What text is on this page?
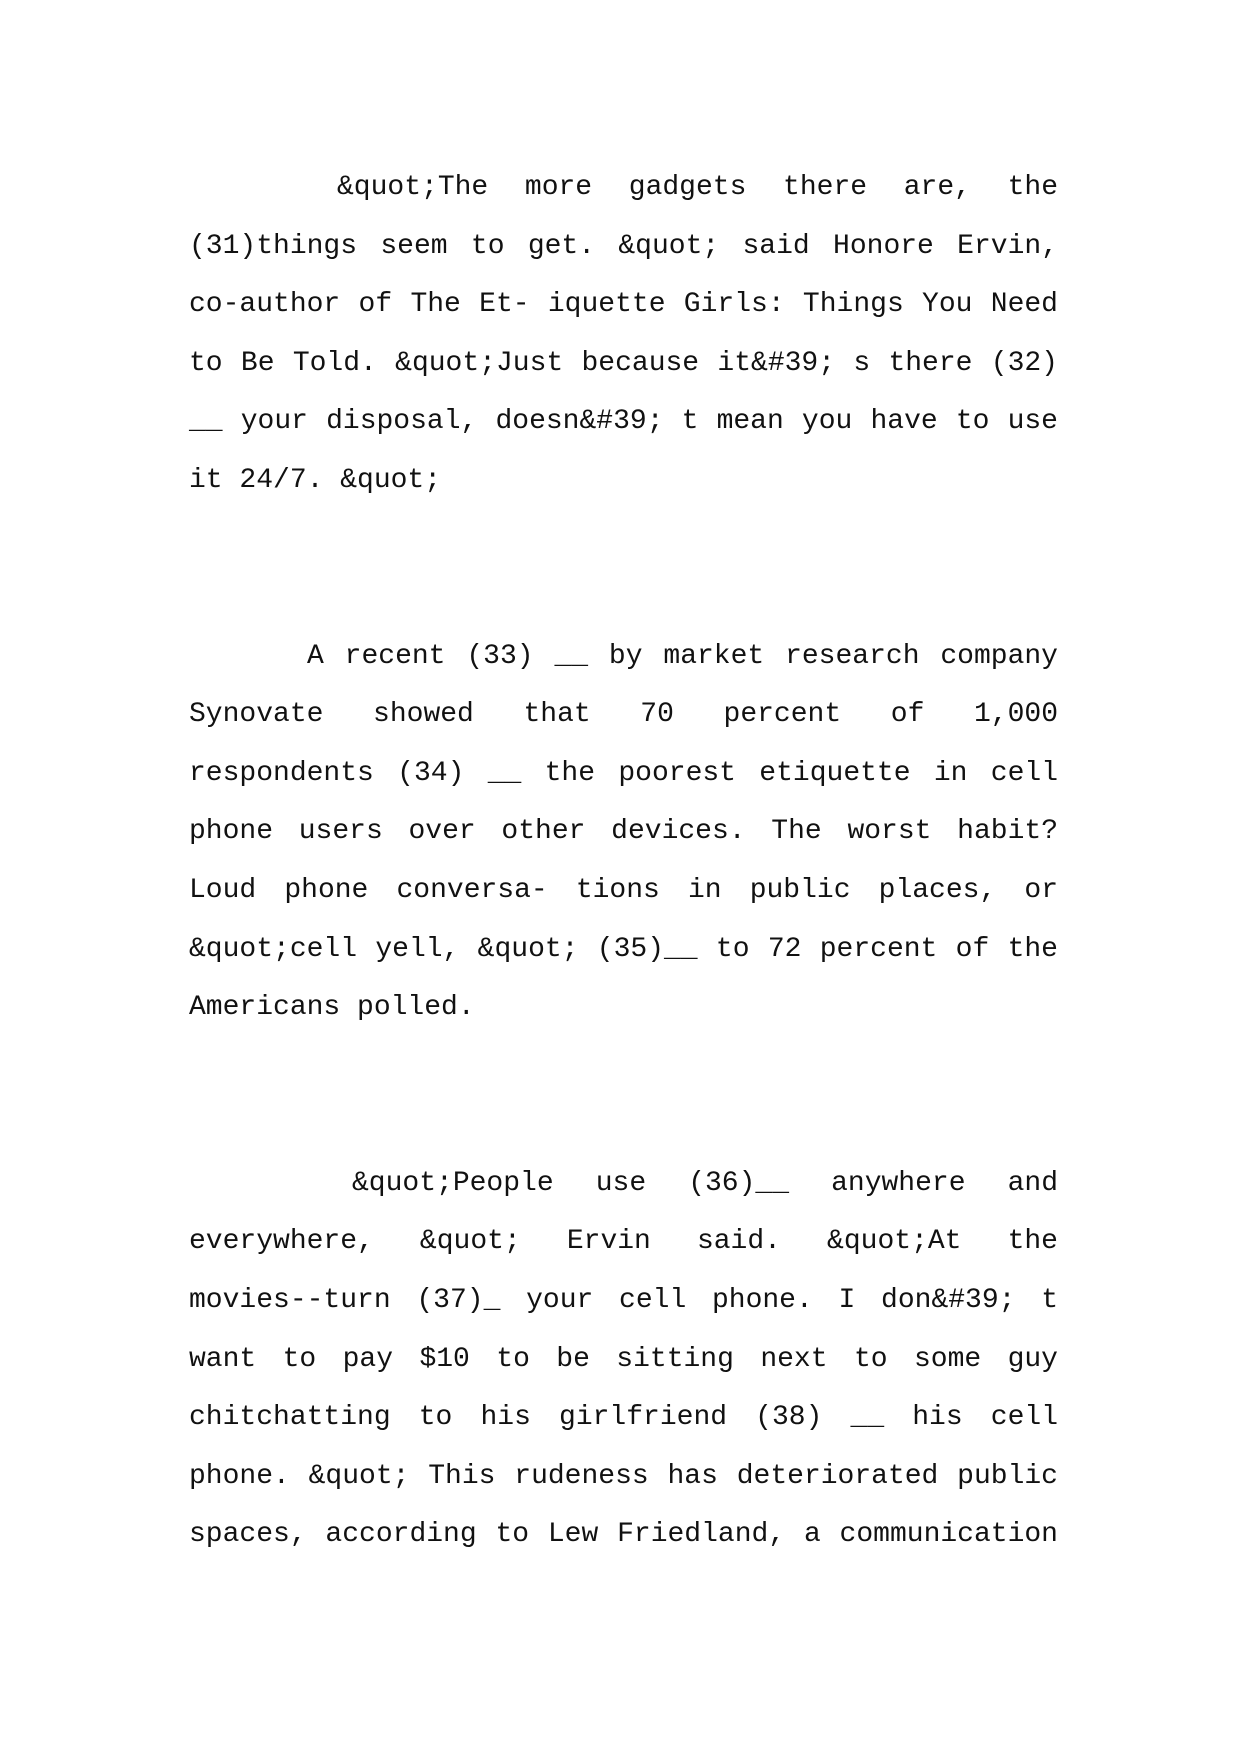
&quot;The more gadgets there are, the
(31)things seem to get. &quot; said Honore Ervin,
co-author of The Et- iquette Girls: Things You Need
to Be Told. &quot;Just because it&#39; s there (32)
__ your disposal, doesn&#39; t mean you have to use
it 24/7. &quot;
A recent (33) __ by market research company
Synovate showed that 70 percent of 1,000
respondents (34) __ the poorest etiquette in cell
phone users over other devices. The worst habit?
Loud phone conversa- tions in public places, or
&quot;cell yell, &quot; (35)__ to 72 percent of the
Americans polled.
&quot;People use (36)__ anywhere and
everywhere, &quot; Ervin said. &quot;At the
movies--turn (37)_ your cell phone. I don&#39; t
want to pay $10 to be sitting next to some guy
chitchatting to his girlfriend (38) __ his cell
phone. &quot; This rudeness has deteriorated public
spaces, according to Lew Friedland, a communication
